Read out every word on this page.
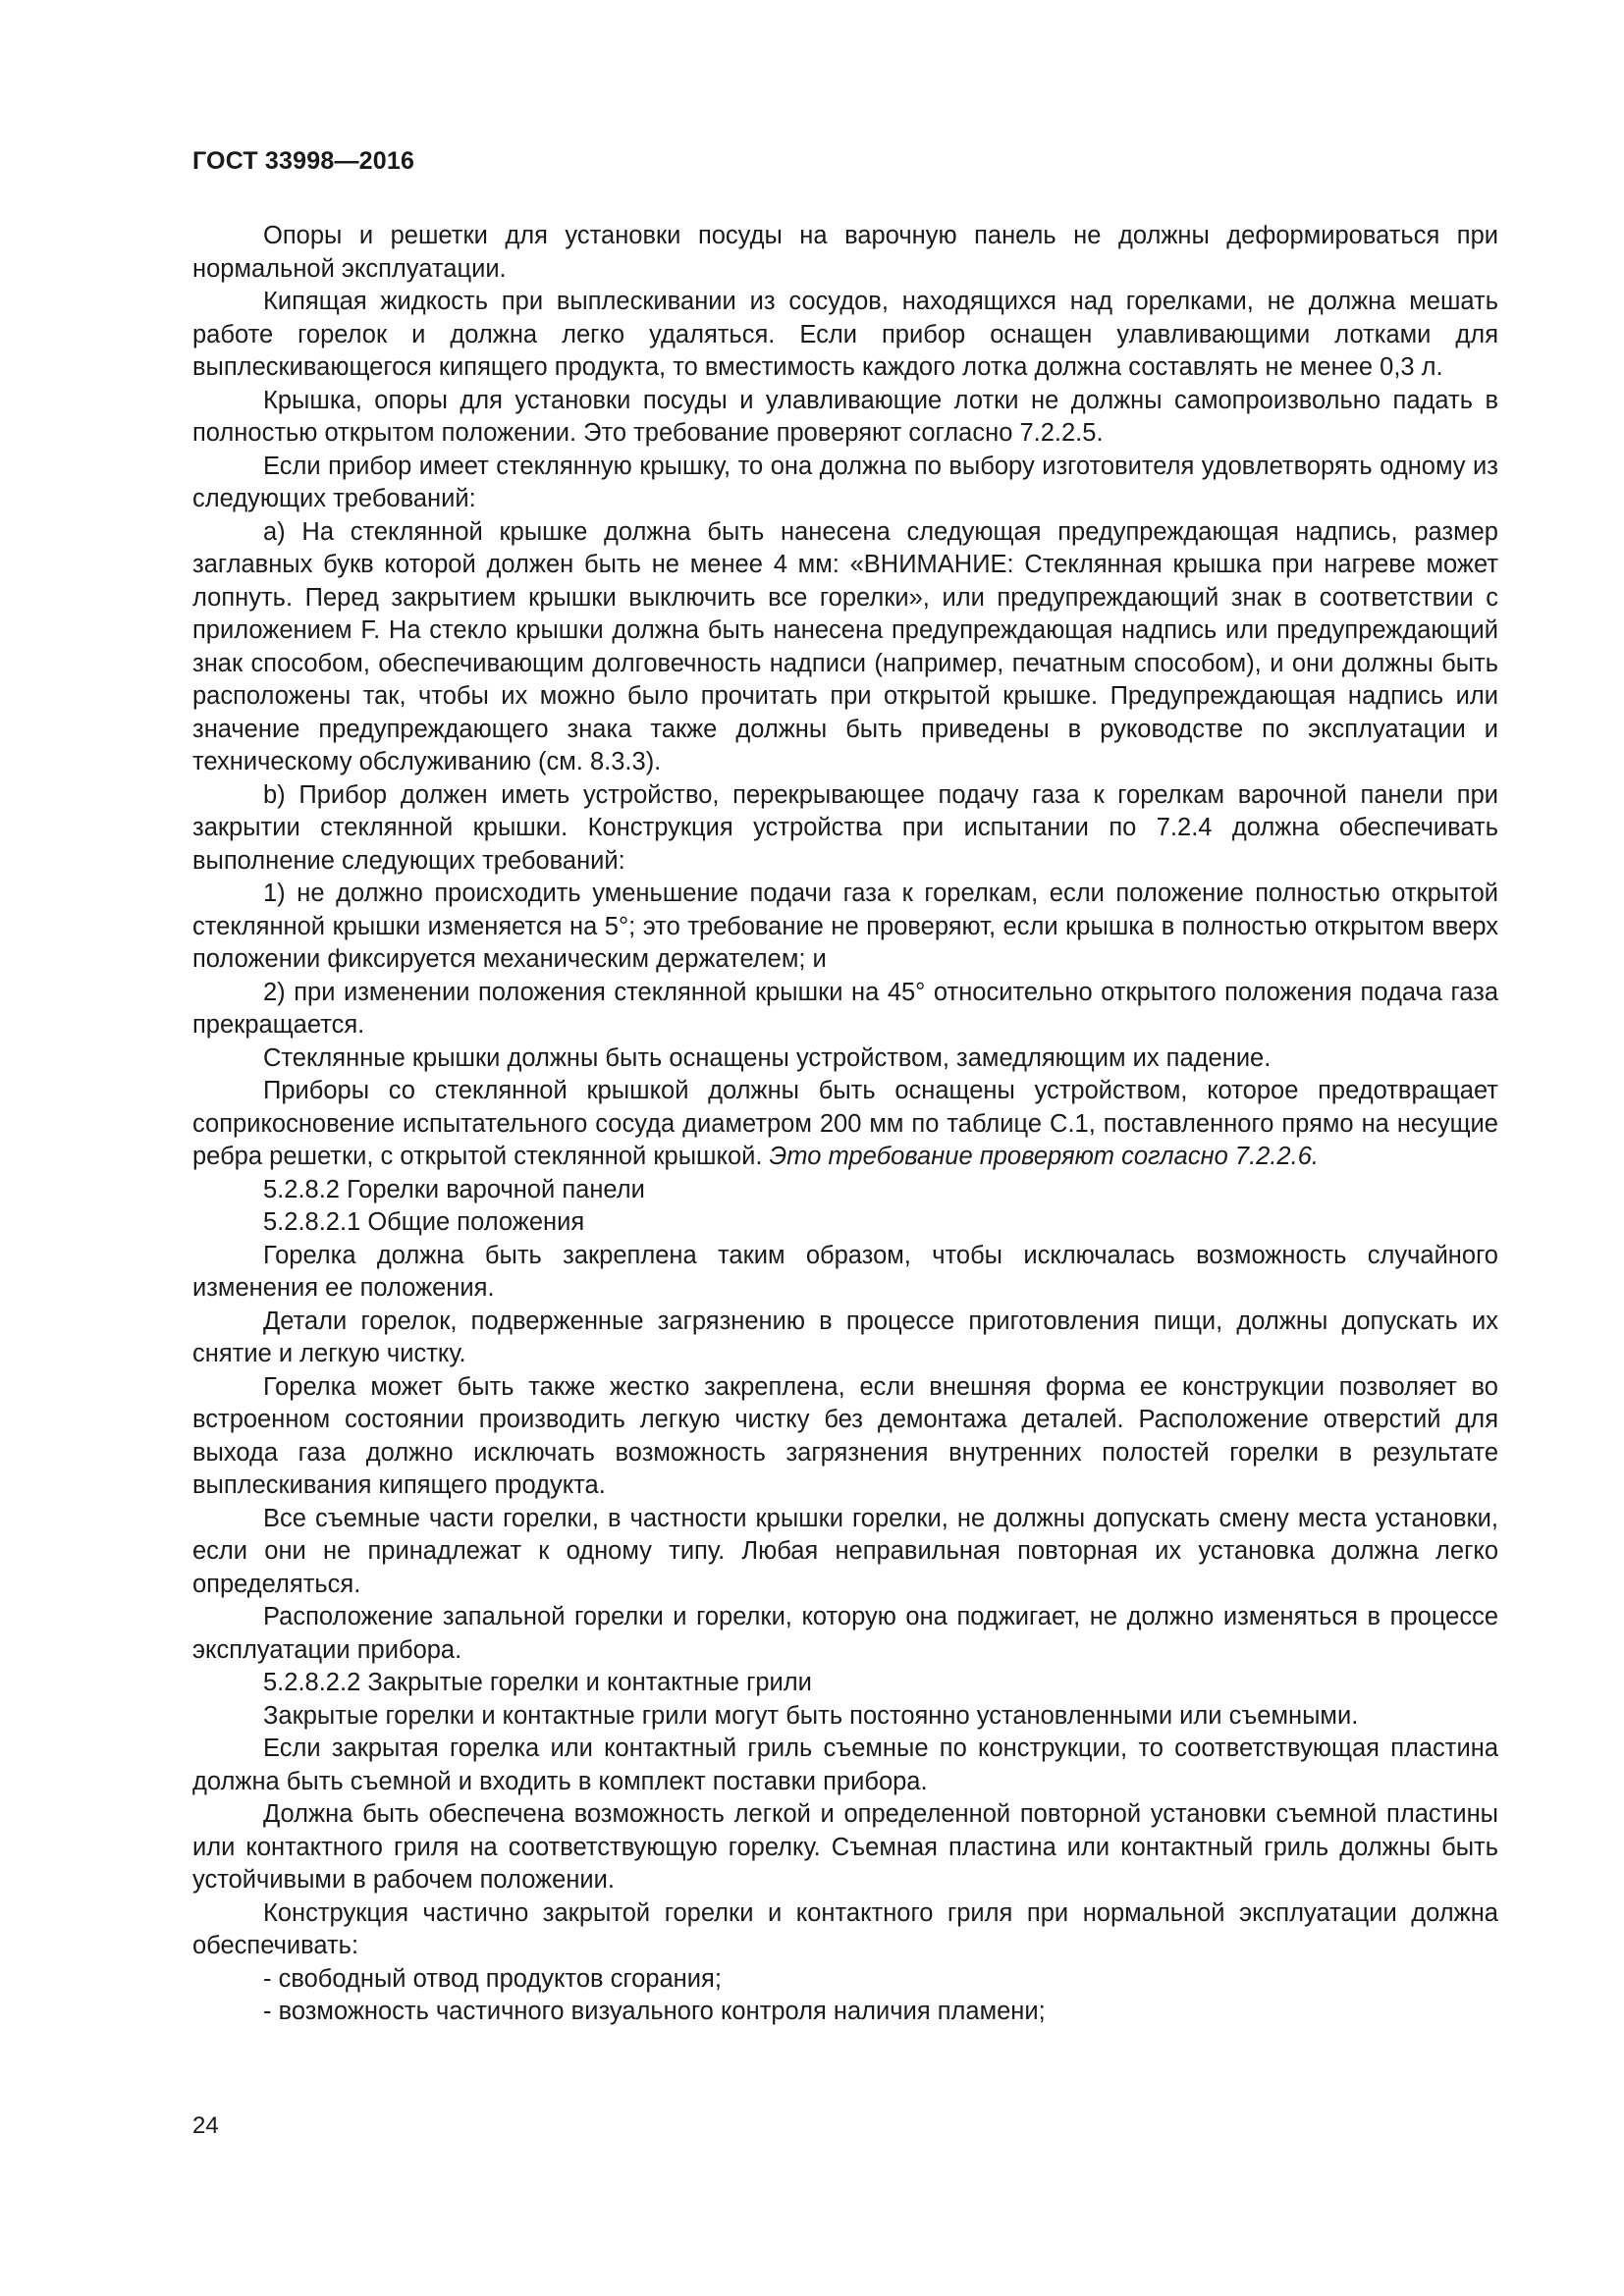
ГОСТ 33998—2016

Опоры и решетки для установки посуды на варочную панель не должны деформироваться при нормальной эксплуатации.

Кипящая жидкость при выплескивании из сосудов, находящихся над горелками, не должна мешать работе горелок и должна легко удаляться. Если прибор оснащен улавливающими лотками для выплескивающегося кипящего продукта, то вместимость каждого лотка должна составлять не менее 0,3 л.

Крышка, опоры для установки посуды и улавливающие лотки не должны самопроизвольно падать в полностью открытом положении. Это требование проверяют согласно 7.2.2.5.

Если прибор имеет стеклянную крышку, то она должна по выбору изготовителя удовлетворять одному из следующих требований:

a) На стеклянной крышке должна быть нанесена следующая предупреждающая надпись, размер заглавных букв которой должен быть не менее 4 мм: «ВНИМАНИЕ: Стеклянная крышка при нагреве может лопнуть. Перед закрытием крышки выключить все горелки», или предупреждающий знак в соответствии с приложением F. На стекло крышки должна быть нанесена предупреждающая надпись или предупреждающий знак способом, обеспечивающим долговечность надписи (например, печатным способом), и они должны быть расположены так, чтобы их можно было прочитать при открытой крышке. Предупреждающая надпись или значение предупреждающего знака также должны быть приведены в руководстве по эксплуатации и техническому обслуживанию (см. 8.3.3).

b) Прибор должен иметь устройство, перекрывающее подачу газа к горелкам варочной панели при закрытии стеклянной крышки. Конструкция устройства при испытании по 7.2.4 должна обеспечивать выполнение следующих требований:

1) не должно происходить уменьшение подачи газа к горелкам, если положение полностью открытой стеклянной крышки изменяется на 5°; это требование не проверяют, если крышка в полностью открытом вверх положении фиксируется механическим держателем; и

2) при изменении положения стеклянной крышки на 45° относительно открытого положения подача газа прекращается.

Стеклянные крышки должны быть оснащены устройством, замедляющим их падение.

Приборы со стеклянной крышкой должны быть оснащены устройством, которое предотвращает соприкосновение испытательного сосуда диаметром 200 мм по таблице С.1, поставленного прямо на несущие ребра решетки, с открытой стеклянной крышкой. Это требование проверяют согласно 7.2.2.6.

5.2.8.2 Горелки варочной панели

5.2.8.2.1 Общие положения

Горелка должна быть закреплена таким образом, чтобы исключалась возможность случайного изменения ее положения.

Детали горелок, подверженные загрязнению в процессе приготовления пищи, должны допускать их снятие и легкую чистку.

Горелка может быть также жестко закреплена, если внешняя форма ее конструкции позволяет во встроенном состоянии производить легкую чистку без демонтажа деталей. Расположение отверстий для выхода газа должно исключать возможность загрязнения внутренних полостей горелки в результате выплескивания кипящего продукта.

Все съемные части горелки, в частности крышки горелки, не должны допускать смену места установки, если они не принадлежат к одному типу. Любая неправильная повторная их установка должна легко определяться.

Расположение запальной горелки и горелки, которую она поджигает, не должно изменяться в процессе эксплуатации прибора.

5.2.8.2.2 Закрытые горелки и контактные грили

Закрытые горелки и контактные грили могут быть постоянно установленными или съемными.

Если закрытая горелка или контактный гриль съемные по конструкции, то соответствующая пластина должна быть съемной и входить в комплект поставки прибора.

Должна быть обеспечена возможность легкой и определенной повторной установки съемной пластины или контактного гриля на соответствующую горелку. Съемная пластина или контактный гриль должны быть устойчивыми в рабочем положении.

Конструкция частично закрытой горелки и контактного гриля при нормальной эксплуатации должна обеспечивать:

- свободный отвод продуктов сгорания;

- возможность частичного визуального контроля наличия пламени;

24
